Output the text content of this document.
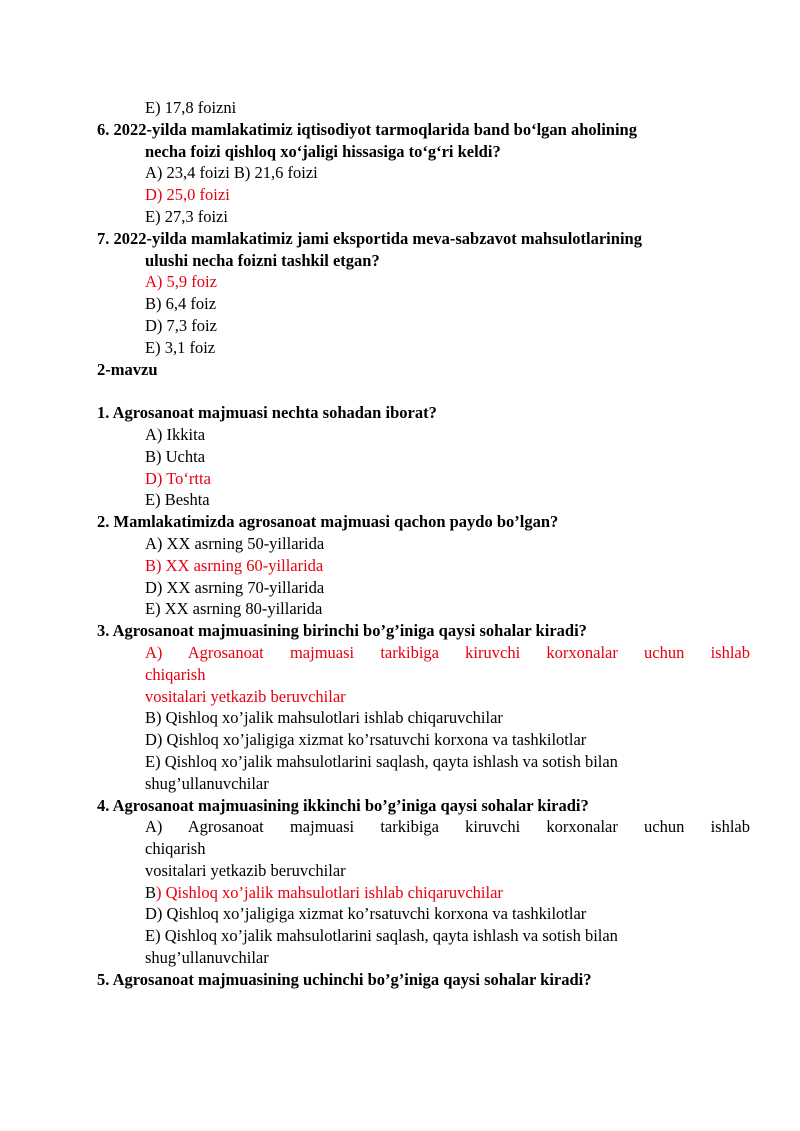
E) 17,8 foizni
6. 2022-yilda mamlakatimiz iqtisodiyot tarmoqlarida band bo‘lgan aholining
necha foizi qishloq xo‘jaligi hissasiga to‘g‘ri keldi?
A) 23,4 foizi B) 21,6 foizi
D) 25,0 foizi
E) 27,3 foizi
7. 2022-yilda mamlakatimiz jami eksportida meva-sabzavot mahsulotlarining
ulushi necha foizni tashkil etgan?
A) 5,9 foiz
B) 6,4 foiz
D) 7,3 foiz
E) 3,1 foiz
2-mavzu
1. Agrosanoat majmuasi nechta sohadan iborat?
A) Ikkita
B) Uchta
D) To‘rtta
E) Beshta
2. Mamlakatimizda agrosanoat majmuasi qachon paydo bo’lgan?
A) XX asrning 50-yillarida
B) XX asrning 60-yillarida
D) XX asrning 70-yillarida
E) XX asrning 80-yillarida
3. Agrosanoat majmuasining birinchi bo’g’iniga qaysi sohalar kiradi?
A) Agrosanoat majmuasi tarkibiga kiruvchi korxonalar uchun ishlab
chiqarish
vositalari yetkazib beruvchilar
B) Qishloq xo’jalik mahsulotlari ishlab chiqaruvchilar
D) Qishloq xo’jaligiga xizmat ko’rsatuvchi korxona va tashkilotlar
E) Qishloq xo’jalik mahsulotlarini saqlash, qayta ishlash va sotish bilan
shug’ullanuvchilar
4. Agrosanoat majmuasining ikkinchi bo’g’iniga qaysi sohalar kiradi?
A) Agrosanoat majmuasi tarkibiga kiruvchi korxonalar uchun ishlab
chiqarish
vositalari yetkazib beruvchilar
B) Qishloq xo’jalik mahsulotlari ishlab chiqaruvchilar
D) Qishloq xo’jaligiga xizmat ko’rsatuvchi korxona va tashkilotlar
E) Qishloq xo’jalik mahsulotlarini saqlash, qayta ishlash va sotish bilan
shug’ullanuvchilar
5. Agrosanoat majmuasining uchinchi bo’g’iniga qaysi sohalar kiradi?
